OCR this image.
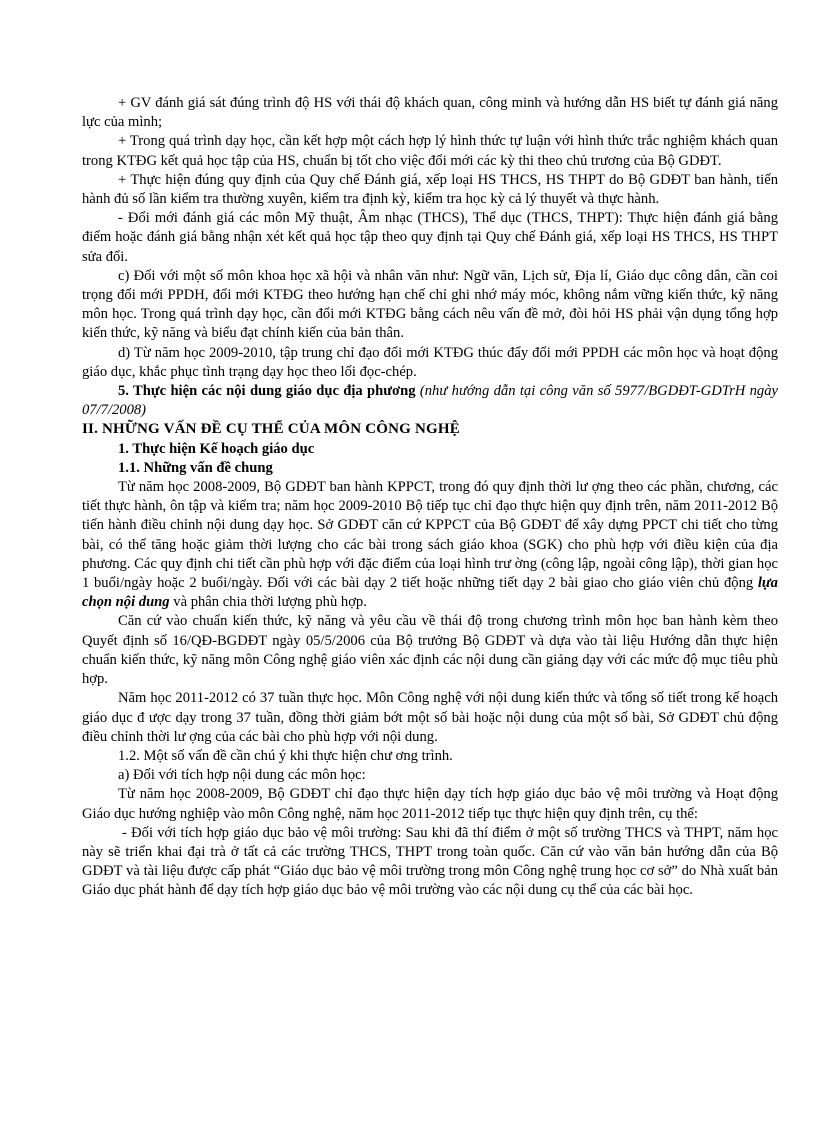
+ GV đánh giá sát đúng trình độ HS với thái độ khách quan, công minh và hướng dẫn HS biết tự đánh giá năng lực của mình;

+ Trong quá trình dạy học, cần kết hợp một cách hợp lý hình thức tự luận với hình thức trắc nghiệm khách quan trong KTĐG kết quả học tập của HS, chuẩn bị tốt cho việc đổi mới các kỳ thi theo chủ trương của Bộ GDĐT.

+ Thực hiện đúng quy định của Quy chế Đánh giá, xếp loại HS THCS, HS THPT do Bộ GDĐT ban hành, tiến hành đủ số lần kiểm tra thường xuyên, kiểm tra định kỳ, kiểm tra học kỳ cả lý thuyết và thực hành.

- Đổi mới đánh giá các môn Mỹ thuật, Âm nhạc (THCS), Thể dục (THCS, THPT): Thực hiện đánh giá bằng điểm hoặc đánh giá bằng nhận xét kết quả học tập theo quy định tại Quy chế Đánh giá, xếp loại HS THCS, HS THPT sửa đổi.

c) Đối với một số môn khoa học xã hội và nhân văn như: Ngữ văn, Lịch sử, Địa lí, Giáo dục công dân, cần coi trọng đổi mới PPDH, đổi mới KTĐG theo hướng hạn chế chỉ ghi nhớ máy móc, không nắm vững kiến thức, kỹ năng môn học. Trong quá trình dạy học, cần đổi mới KTĐG bằng cách nêu vấn đề mở, đòi hỏi HS phải vận dụng tổng hợp kiến thức, kỹ năng và biểu đạt chính kiến của bản thân.

d) Từ năm học 2009-2010, tập trung chỉ đạo đổi mới KTĐG thúc đẩy đổi mới PPDH các môn học và hoạt động giáo dục, khắc phục tình trạng dạy học theo lối đọc-chép.

5. Thực hiện các nội dung giáo dục địa phương (như hướng dẫn tại công văn số 5977/BGDĐT-GDTrH ngày 07/7/2008)

II. NHỮNG VẤN ĐỀ CỤ THỂ CỦA MÔN CÔNG NGHỆ

1. Thực hiện Kế hoạch giáo dục

1.1. Những vấn đề chung

Từ năm học 2008-2009, Bộ GDĐT ban hành KPPCT, trong đó quy định thời lư ợng theo các phần, chương, các tiết thực hành, ôn tập và kiểm tra; năm học 2009-2010 Bộ tiếp tục chỉ đạo thực hiện quy định trên, năm 2011-2012 Bộ tiến hành điều chỉnh nội dung dạy học. Sở GDĐT căn cứ KPPCT của Bộ GDĐT để xây dựng PPCT chi tiết cho từng bài, có thể tăng hoặc giảm thời lượng cho các bài trong sách giáo khoa (SGK) cho phù hợp với điều kiện của địa phương. Các quy định chi tiết cần phù hợp với đặc điểm của loại hình trư ờng (công lập, ngoài công lập), thời gian học 1 buổi/ngày hoặc 2 buổi/ngày. Đối với các bài dạy 2 tiết hoặc những tiết dạy 2 bài giao cho giáo viên chủ động lựa chọn nội dung và phân chia thời lượng phù hợp.

Căn cứ vào chuẩn kiến thức, kỹ năng và yêu cầu về thái độ trong chương trình môn học ban hành kèm theo Quyết định số 16/QĐ-BGDĐT ngày 05/5/2006 của Bộ trưởng Bộ GDĐT và dựa vào tài liệu Hướng dẫn thực hiện chuẩn kiến thức, kỹ năng môn Công nghệ giáo viên xác định các nội dung cần giảng dạy với các mức độ mục tiêu phù hợp.

Năm học 2011-2012 có 37 tuần thực học. Môn Công nghệ với nội dung kiến thức và tổng số tiết trong kế hoạch giáo dục đ ược dạy trong 37 tuần, đồng thời giảm bớt một số bài hoặc nội dung của một số bài, Sở GDĐT chủ động điều chỉnh thời lư ợng của các bài cho phù hợp với nội dung.

1.2. Một số vấn đề cần chú ý khi thực hiện chư ơng trình.

a) Đối với tích hợp nội dung các môn học:

Từ năm học 2008-2009, Bộ GDĐT chỉ đạo thực hiện dạy tích hợp giáo dục bảo vệ môi trường và Hoạt động Giáo dục hướng nghiệp vào môn Công nghệ, năm học 2011-2012 tiếp tục thực hiện quy định trên, cụ thể:

- Đối với tích hợp giáo dục bảo vệ môi trường: Sau khi đã thí điểm ở một số trường THCS và THPT, năm học này sẽ triển khai đại trà ở tất cả các trường THCS, THPT trong toàn quốc. Căn cứ vào văn bản hướng dẫn của Bộ GDĐT và tài liệu được cấp phát “Giáo dục bảo vệ môi trường trong môn Công nghệ trung học cơ sở” do Nhà xuất bản Giáo dục phát hành để dạy tích hợp giáo dục bảo vệ môi trường vào các nội dung cụ thể của các bài học.
